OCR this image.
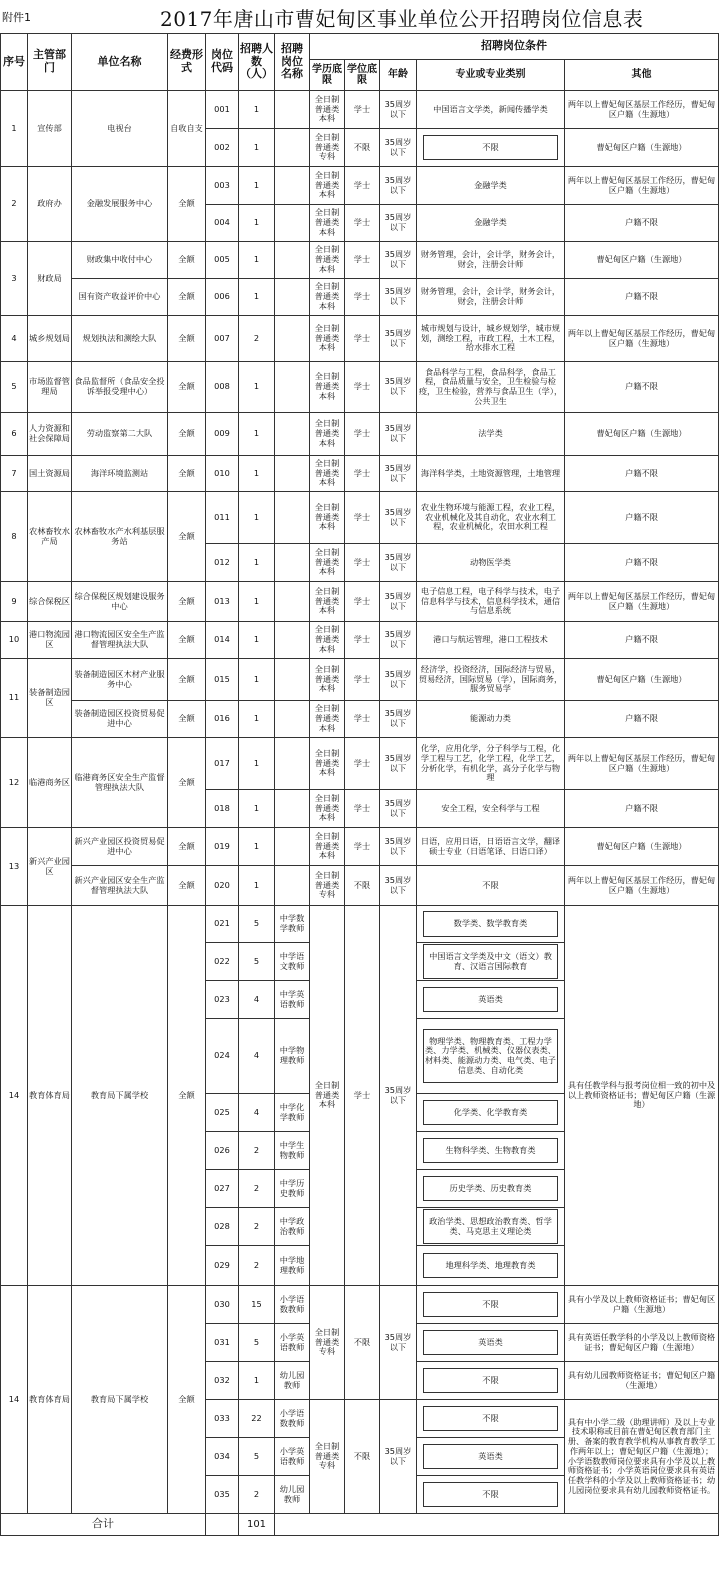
附件1	2017年唐山市曹妃甸区事业单位公开招聘岗位信息表
序号	主管部门	单位名称	经费形式	岗位代码	招聘人数（人）	招聘岗位名称	招聘岗位条件				
							学历底限	学位底限	年龄	专业或专业类别	其他
1	宣传部	电视台	自收自支	001	1		全日制普通类本科	学士	35周岁以下	中国语言文学类，新闻传播学类	两年以上曹妃甸区基层工作经历，曹妃甸区户籍（生源地）
				002	1		全日制普通类专科	不限	35周岁以下	不限	曹妃甸区户籍（生源地）
2	政府办	金融发展服务中心	全额	003	1		全日制普通类本科	学士	35周岁以下	金融学类	两年以上曹妃甸区基层工作经历，曹妃甸区户籍（生源地）
				004	1		全日制普通类本科	学士	35周岁以下	金融学类	户籍不限
3	财政局	财政集中收付中心	全额	005	1		全日制普通类本科	学士	35周岁以下	财务管理，会计，会计学，财务会计，财会，注册会计师	曹妃甸区户籍（生源地）
		国有资产收益评价中心	全额	006	1		全日制普通类本科	学士	35周岁以下	财务管理，会计，会计学，财务会计，财会，注册会计师	户籍不限
4	城乡规划局	规划执法和测绘大队	全额	007	2		全日制普通类本科	学士	35周岁以下	城市规划与设计，城乡规划学，城市规划，测绘工程，市政工程，土木工程，给水排水工程	两年以上曹妃甸区基层工作经历，曹妃甸区户籍（生源地）
5	市场监督管理局	食品监督所（食品安全投诉举报受理中心）	全额	008	1		全日制普通类本科	学士	35周岁以下	食品科学与工程，食品科学，食品工程，食品质量与安全，卫生检验与检疫，卫生检验，营养与食品卫生（学），公共卫生	户籍不限
6	人力资源和社会保障局	劳动监察第二大队	全额	009	1		全日制普通类本科	学士	35周岁以下	法学类	曹妃甸区户籍（生源地）
7	国土资源局	海洋环境监测站	全额	010	1		全日制普通类本科	学士	35周岁以下	海洋科学类，土地资源管理，土地管理	户籍不限
8	农林畜牧水产局	农林畜牧水产水利基层服务站	全额	011	1		全日制普通类本科	学士	35周岁以下	农业生物环境与能源工程，农业工程，农业机械化及其自动化，农业水利工程，农业机械化，农田水利工程	户籍不限
				012	1		全日制普通类本科	学士	35周岁以下	动物医学类	户籍不限
9	综合保税区	综合保税区规划建设服务中心	全额	013	1		全日制普通类本科	学士	35周岁以下	电子信息工程，电子科学与技术，电子信息科学与技术，信息科学技术，通信与信息系统	两年以上曹妃甸区基层工作经历，曹妃甸区户籍（生源地）
10	港口物流园区	港口物流园区安全生产监督管理执法大队	全额	014	1		全日制普通类本科	学士	35周岁以下	港口与航运管理，港口工程技术	户籍不限
11	装备制造园区	装备制造园区木材产业服务中心	全额	015	1		全日制普通类本科	学士	35周岁以下	经济学，投资经济，国际经济与贸易，贸易经济，国际贸易（学），国际商务，服务贸易学	曹妃甸区户籍（生源地）
		装备制造园区投资贸易促进中心	全额	016	1		全日制普通类本科	学士	35周岁以下	能源动力类	户籍不限
12	临港商务区	临港商务区安全生产监督管理执法大队	全额	017	1		全日制普通类本科	学士	35周岁以下	化学，应用化学，分子科学与工程，化学工程与工艺，化学工程，化学工艺，分析化学，有机化学，高分子化学与物理	两年以上曹妃甸区基层工作经历，曹妃甸区户籍（生源地）
				018	1		全日制普通类本科	学士	35周岁以下	安全工程，安全科学与工程	户籍不限
13	新兴产业园区	新兴产业园区投资贸易促进中心	全额	019	1		全日制普通类本科	学士	35周岁以下	日语，应用日语，日语语言文学，翻译硕士专业（日语笔译、日语口译）	曹妃甸区户籍（生源地）
		新兴产业园区安全生产监督管理执法大队	全额	020	1		全日制普通类专科	不限	35周岁以下	不限	两年以上曹妃甸区基层工作经历，曹妃甸区户籍（生源地）
14	教育体育局	教育局下属学校	全额	021	5	中学数学教师	全日制普通类本科	学士	35周岁以下	数学类、数学教育类	具有任教学科与报考岗位相一致的初中及以上教师资格证书；曹妃甸区户籍（生源地）
				022	5	中学语文教师				中国语言文学类及中文（语文）教育、汉语言国际教育	
				023	4	中学英语教师				英语类	
				024	4	中学物理教师				物理学类、物理教育类、工程力学类、力学类、机械类、仪器仪表类、材料类、能源动力类、电气类、电子信息类、自动化类	
				025	4	中学化学教师				化学类、化学教育类	
				026	2	中学生物教师				生物科学类、生物教育类	
				027	2	中学历史教师				历史学类、历史教育类	
				028	2	中学政治教师				政治学类、思想政治教育类、哲学类、马克思主义理论类	
				029	2	中学地理教师				地理科学类、地理教育类	
14	教育体育局	教育局下属学校	全额	030	15	小学语数教师	全日制普通类专科	不限	35周岁以下	不限	具有小学及以上教师资格证书；曹妃甸区户籍（生源地）
				031	5	小学英语教师				英语类	具有英语任教学科的小学及以上教师资格证书；曹妃甸区户籍（生源地）
				032	1	幼儿园教师				不限	具有幼儿园教师资格证书；曹妃甸区户籍（生源地）
				033	22	小学语数教师	全日制普通类专科	不限	35周岁以下	不限	具有中小学二级（助理讲师）及以上专业技术职称或目前在曹妃甸区教育部门主册、备案的教育教学机构从事教育教学工作两年以上；曹妃甸区户籍（生源地）；小学语数教师岗位要求具有小学及以上教师资格证书；小学英语岗位要求具有英语任教学科的小学及以上教师资格证书；幼儿园岗位要求具有幼儿园教师资格证书。
				034	5	小学英语教师				英语类	
				035	2	幼儿园教师				不限	
合计					101						
